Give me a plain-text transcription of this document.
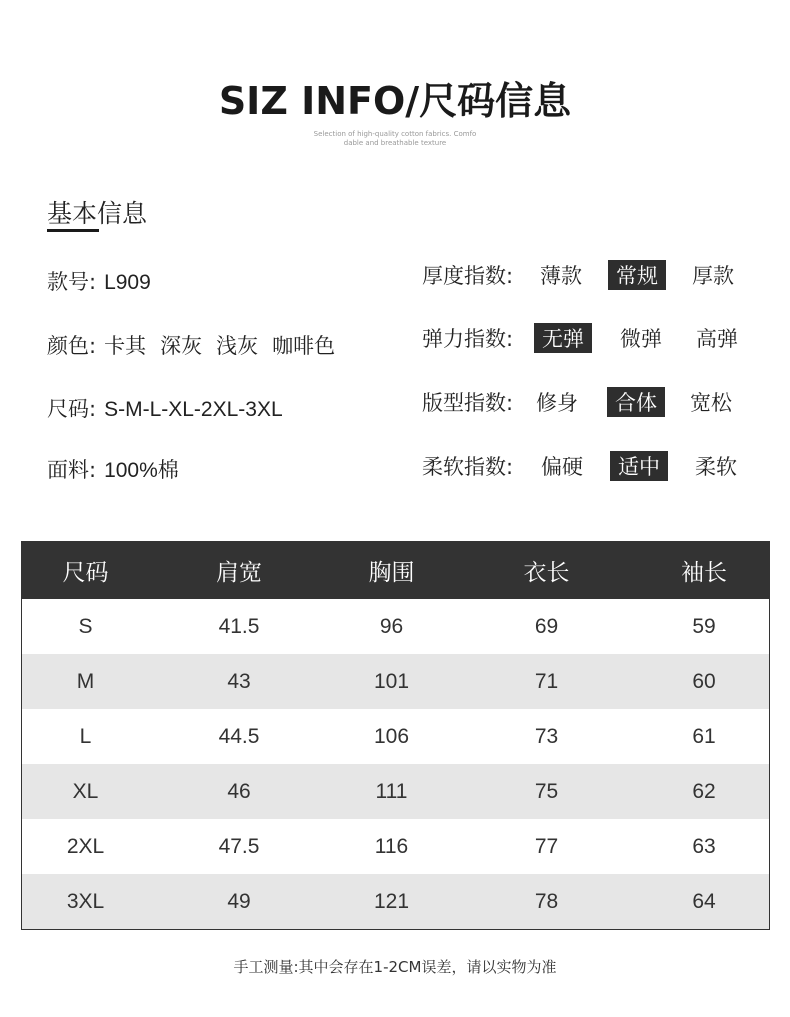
SIZ INFO/尺码信息
Selection of high-quality cotton fabrics. Comfo
dable and breathable texture
基本信息
款号: L909
颜色: 卡其 深灰 浅灰 咖啡色
尺码: S-M-L-XL-2XL-3XL
面料: 100%棉
厚度指数:	薄款	常规	厚款
弹力指数:	无弹	微弹	高弹
版型指数:	修身	合体	宽松
柔软指数:	偏硬	适中	柔软
尺码	肩宽	胸围	衣长	袖长
S	41.5	96	69	59
M	43	101	71	60
L	44.5	106	73	61
XL	46	111	75	62
2XL	47.5	116	77	63
3XL	49	121	78	64
手工测量:其中会存在1-2CM误差，请以实物为准
